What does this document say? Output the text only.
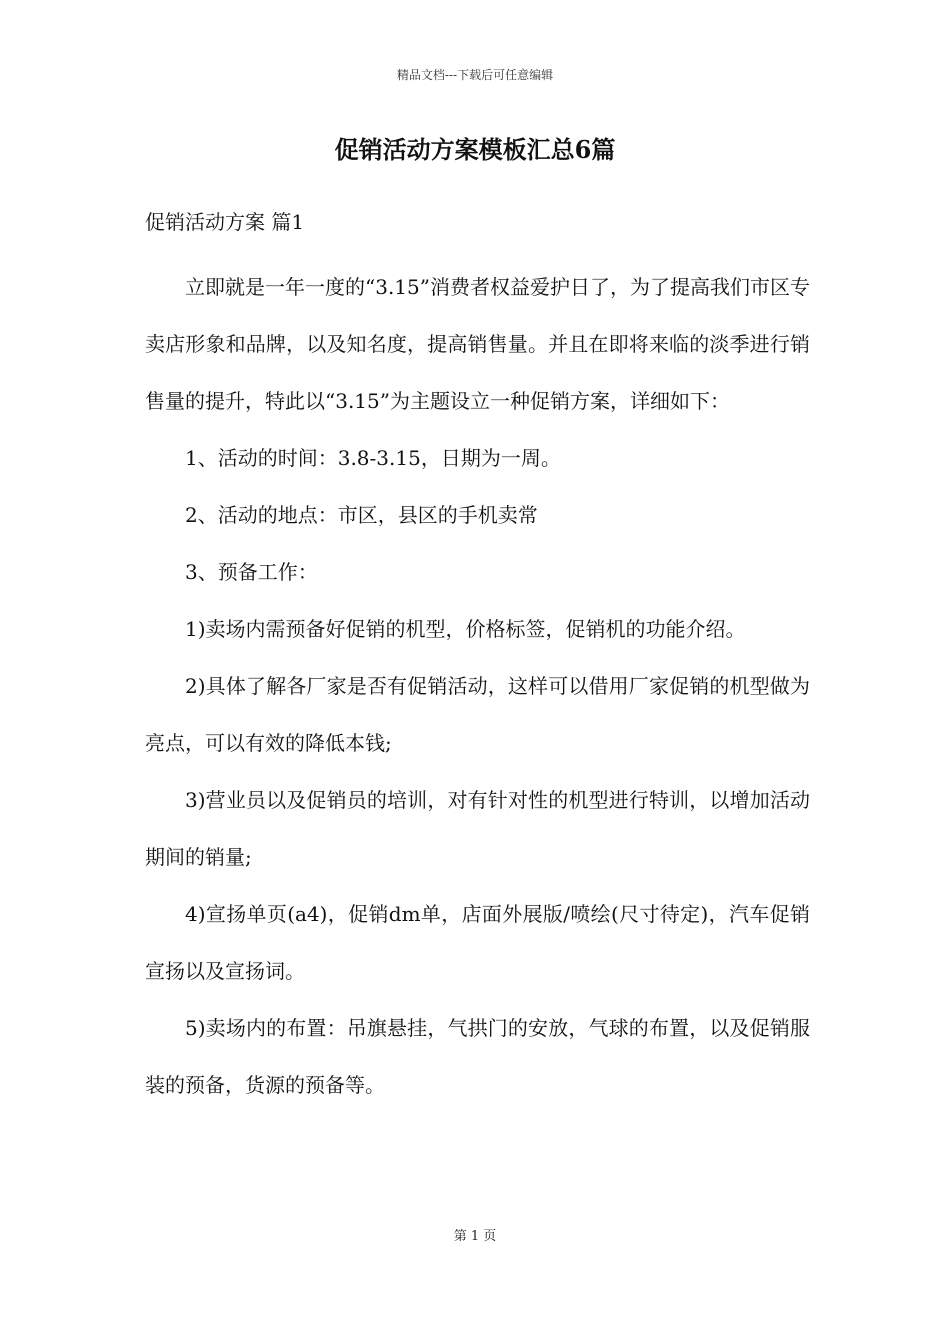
精品文档---下载后可任意编辑
促销活动方案模板汇总6篇
促销活动方案 篇1

立即就是一年一度的“3.15”消费者权益爱护日了，为了提高我们市区专卖店形象和品牌，以及知名度，提高销售量。并且在即将来临的淡季进行销售量的提升，特此以“3.15”为主题设立一种促销方案，详细如下：

1、活动的时间：3.8-3.15，日期为一周。

2、活动的地点：市区，县区的手机卖常

3、预备工作：

1)卖场内需预备好促销的机型，价格标签，促销机的功能介绍。

2)具体了解各厂家是否有促销活动，这样可以借用厂家促销的机型做为亮点，可以有效的降低本钱;

3)营业员以及促销员的培训，对有针对性的机型进行特训，以增加活动期间的销量;

4)宣扬单页(a4)，促销dm单，店面外展版/喷绘(尺寸待定)，汽车促销宣扬以及宣扬词。

5)卖场内的布置：吊旗悬挂，气拱门的安放，气球的布置，以及促销服装的预备，货源的预备等。

第 1 页
